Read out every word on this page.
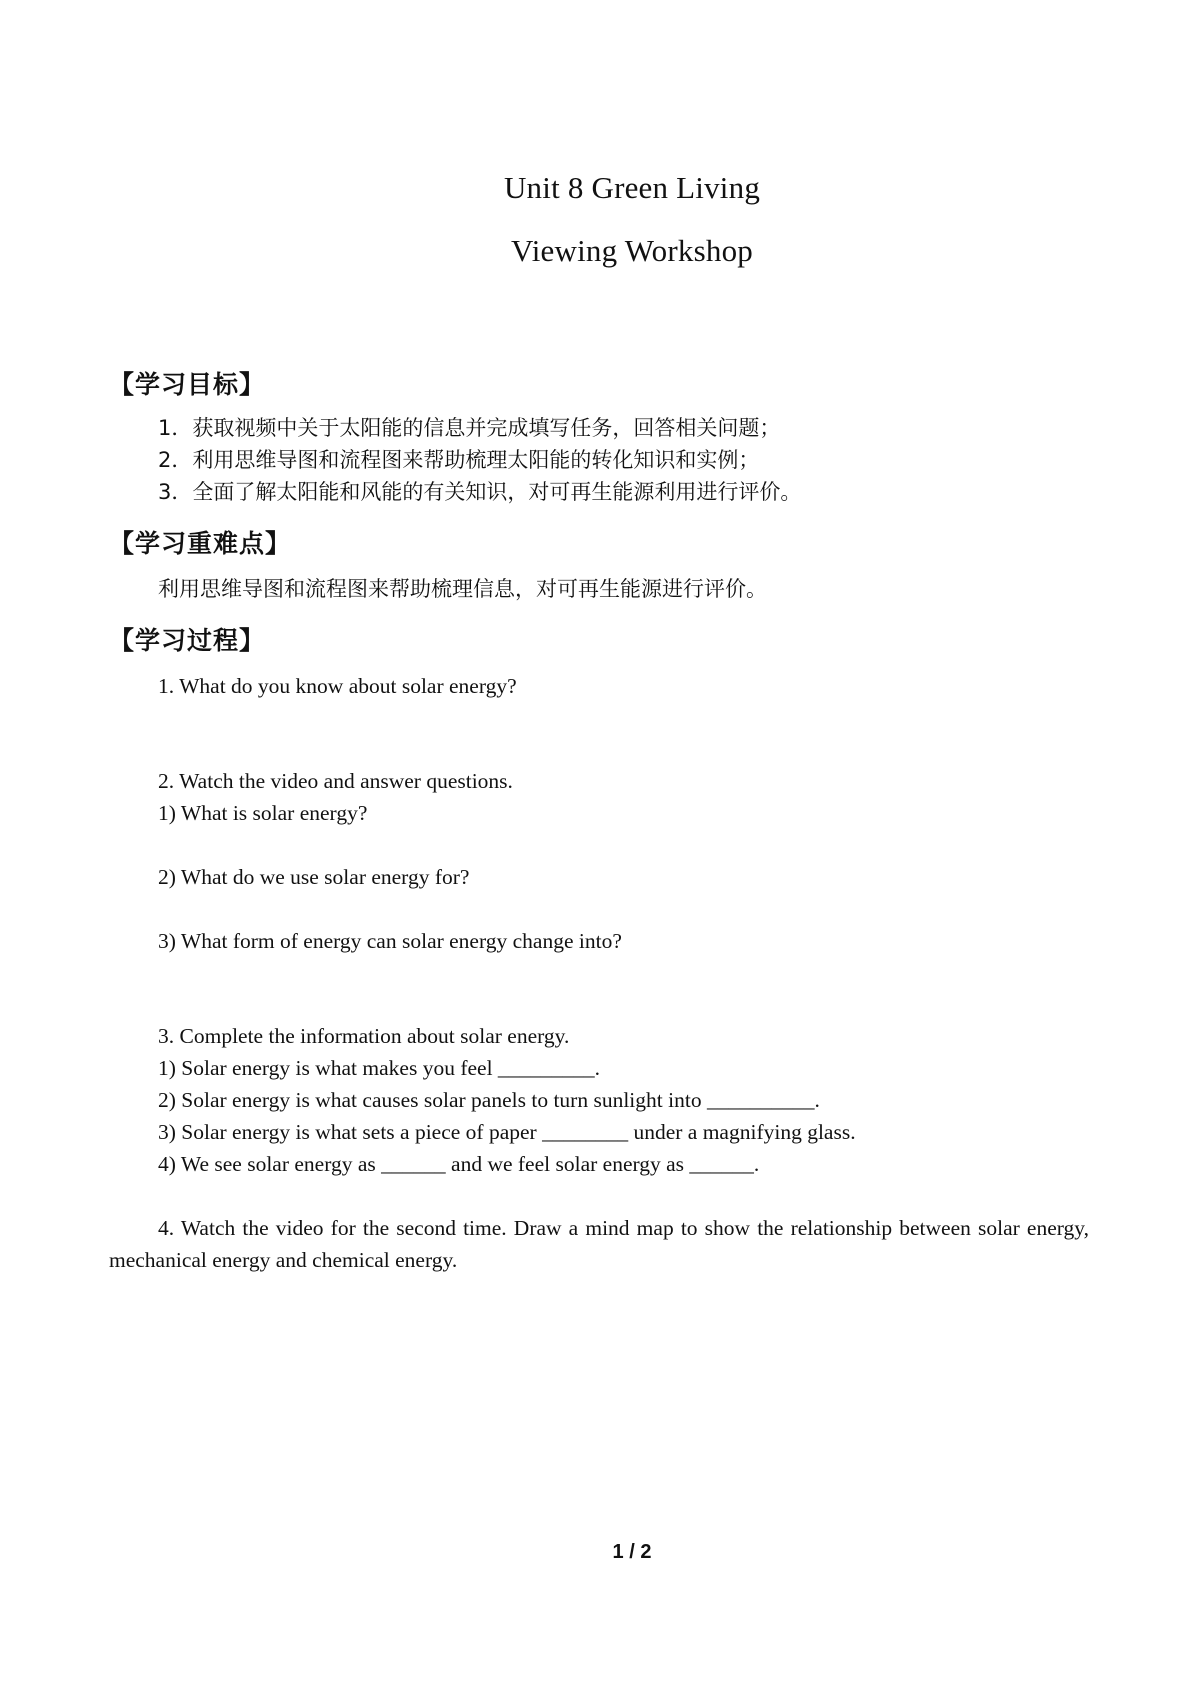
Unit 8 Green Living
Viewing Workshop
【学习目标】
1．获取视频中关于太阳能的信息并完成填写任务，回答相关问题；
2．利用思维导图和流程图来帮助梳理太阳能的转化知识和实例；
3．全面了解太阳能和风能的有关知识，对可再生能源利用进行评价。
【学习重难点】
利用思维导图和流程图来帮助梳理信息，对可再生能源进行评价。
【学习过程】
1. What do you know about solar energy?
2. Watch the video and answer questions.
1) What is solar energy?
2) What do we use solar energy for?
3) What form of energy can solar energy change into?
3. Complete the information about solar energy.
1) Solar energy is what makes you feel _________.
2) Solar energy is what causes solar panels to turn sunlight into __________.
3) Solar energy is what sets a piece of paper ________ under a magnifying glass.
4) We see solar energy as ______ and we feel solar energy as ______.
4. Watch the video for the second time. Draw a mind map to show the relationship between solar energy, mechanical energy and chemical energy.
1 / 2
